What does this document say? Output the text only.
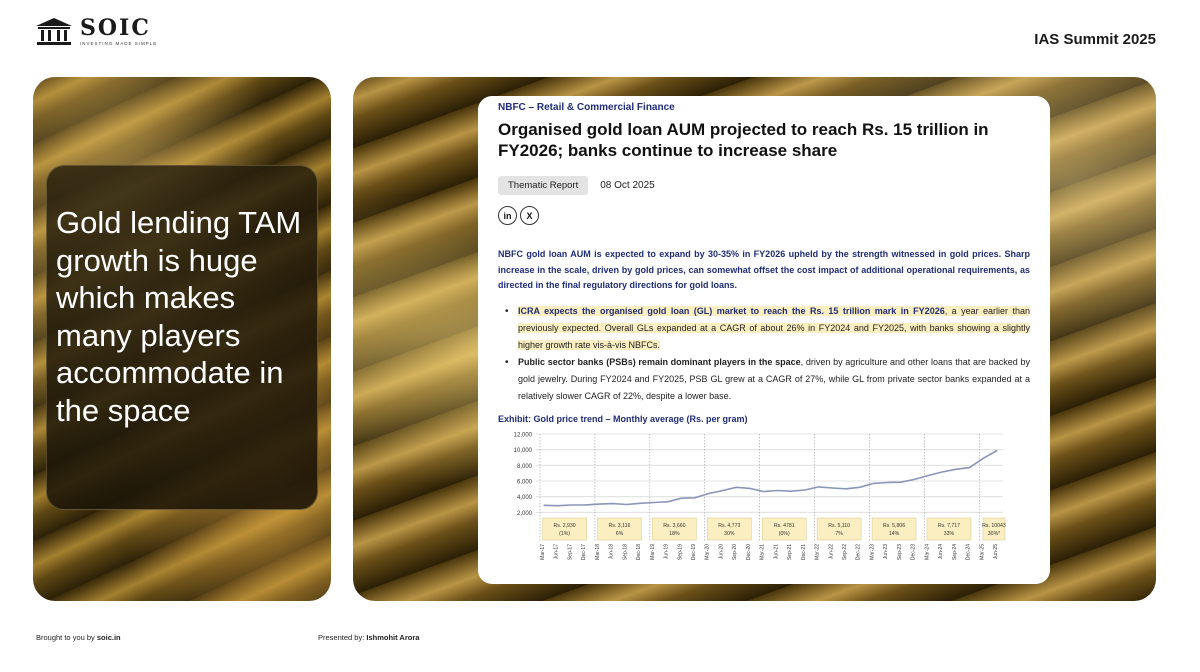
SOIC
INVESTING MADE SIMPLE	IAS Summit 2025
Gold lending TAM growth is huge which makes many players accommodate in the space
NBFC – Retail & Commercial Finance
Organised gold loan AUM projected to reach Rs. 15 trillion in FY2026; banks continue to increase share
Thematic Report	08 Oct 2025
in	X

NBFC gold loan AUM is expected to expand by 30-35% in FY2026 upheld by the strength witnessed in gold prices. Sharp increase in the scale, driven by gold prices, can somewhat offset the cost impact of additional operational requirements, as directed in the final regulatory directions for gold loans.

• ICRA expects the organised gold loan (GL) market to reach the Rs. 15 trillion mark in FY2026, a year earlier than previously expected. Overall GLs expanded at a CAGR of about 26% in FY2024 and FY2025, with banks showing a slightly higher growth rate vis-à-vis NBFCs.
• Public sector banks (PSBs) remain dominant players in the space, driven by agriculture and other loans that are backed by gold jewelry. During FY2024 and FY2025, PSB GL grew at a CAGR of 27%, while GL from private sector banks expanded at a relatively slower CAGR of 22%, despite a lower base.
Exhibit: Gold price trend – Monthly average (Rs. per gram)
12,000
10,000
8,000
6,000
4,000
2,000
Rs. 2,930
(1%)
Rs. 3,116
6%
Rs. 3,660
18%
Rs. 4,773
30%
Rs. 4781
(0%)
Rs. 5,110
7%
Rs. 5,806
14%
Rs. 7,717
33%
Rs. 10043
30%*
Mar-17 Jun-17 Sep-17 Dec-17 Mar-18 Jun-18 Sep-18 Dec-18 Mar-19 Jun-19 Sep-19 Dec-19 Mar-20 Jun-20 Sep-20 Dec-20 Mar-21 Jun-21 Sep-21 Dec-21 Mar-22 Jun-22 Sep-22 Dec-22 Mar-23 Jun-23 Sep-23 Dec-23 Mar-24 Jun-24 Sep-24 Dec-24 Mar-25 Jun-25
Brought to you by soic.in	Presented by: Ishmohit Arora
